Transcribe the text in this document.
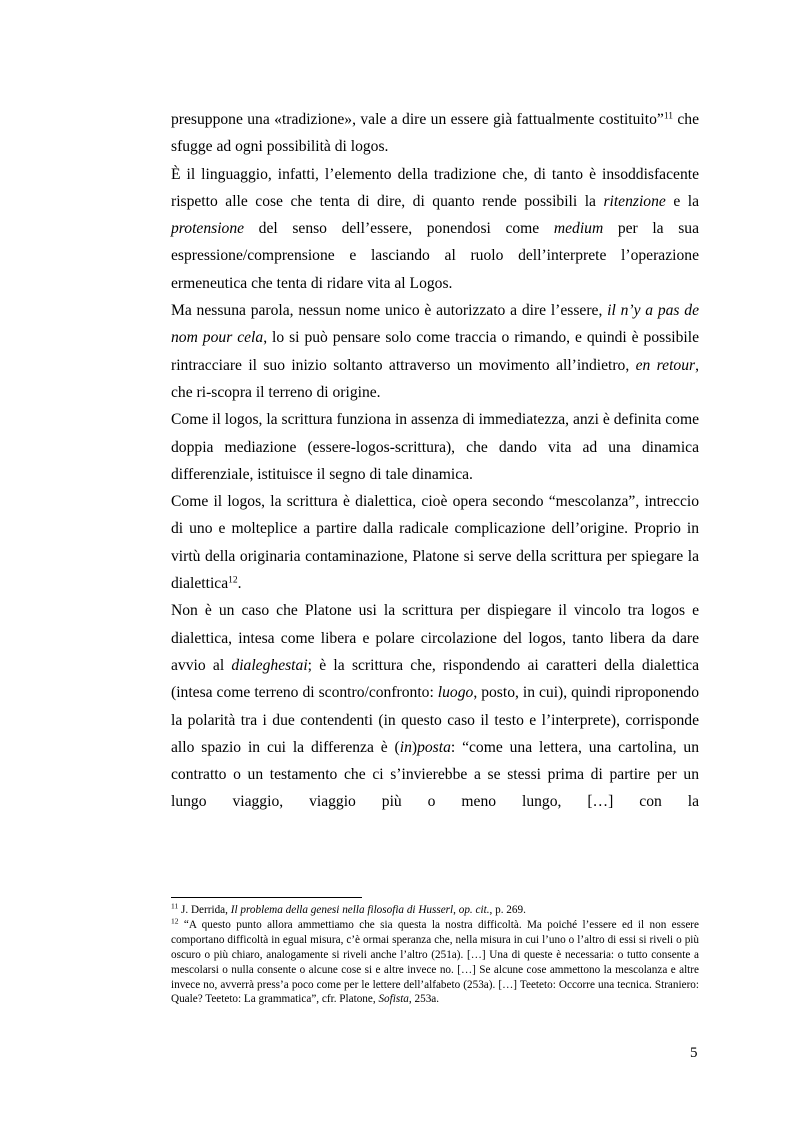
presuppone una «tradizione», vale a dire un essere già fattualmente costituito”$^{11}$ che sfugge ad ogni possibilità di logos.

È il linguaggio, infatti, l’elemento della tradizione che, di tanto è insoddisfacente rispetto alle cose che tenta di dire, di quanto rende possibili la ritenzione e la protensione del senso dell’essere, ponendosi come medium per la sua espressione/comprensione e lasciando al ruolo dell’interprete l’operazione ermeneutica che tenta di ridare vita al Logos.

Ma nessuna parola, nessun nome unico è autorizzato a dire l’essere, il n’y a pas de nom pour cela, lo si può pensare solo come traccia o rimando, e quindi è possibile rintracciare il suo inizio soltanto attraverso un movimento all’indietro, en retour, che ri-scopra il terreno di origine.

Come il logos, la scrittura funziona in assenza di immediatezza, anzi è definita come doppia mediazione (essere-logos-scrittura), che dando vita ad una dinamica differenziale, istituisce il segno di tale dinamica.

Come il logos, la scrittura è dialettica, cioè opera secondo “mescolanza”, intreccio di uno e molteplice a partire dalla radicale complicazione dell’origine. Proprio in virtù della originaria contaminazione, Platone si serve della scrittura per spiegare la dialettica$^{12}$.

Non è un caso che Platone usi la scrittura per dispiegare il vincolo tra logos e dialettica, intesa come libera e polare circolazione del logos, tanto libera da dare avvio al dialeghestai; è la scrittura che, rispondendo ai caratteri della dialettica (intesa come terreno di scontro/confronto: luogo, posto, in cui), quindi riproponendo la polarità tra i due contendenti (in questo caso il testo e l’interprete), corrisponde allo spazio in cui la differenza è (in)posta: “come una lettera, una cartolina, un contratto o un testamento che ci s’invierebbe a se stessi prima di partire per un lungo viaggio, viaggio più o meno lungo, […] con la

$^{11}$ J. Derrida, Il problema della genesi nella filosofia di Husserl, op. cit., p. 269.

$^{12}$ “A questo punto allora ammettiamo che sia questa la nostra difficoltà. Ma poiché l’essere ed il non essere comportano difficoltà in egual misura, c’è ormai speranza che, nella misura in cui l’uno o l’altro di essi si riveli o più oscuro o più chiaro, analogamente si riveli anche l’altro (251a). […] Una di queste è necessaria: o tutto consente a mescolarsi o nulla consente o alcune cose si e altre invece no. […] Se alcune cose ammettono la mescolanza e altre invece no, avverrà press’a poco come per le lettere dell’alfabeto (253a). […] Teeteto: Occorre una tecnica. Straniero: Quale? Teeteto: La grammatica”, cfr. Platone, Sofista, 253a.

5
